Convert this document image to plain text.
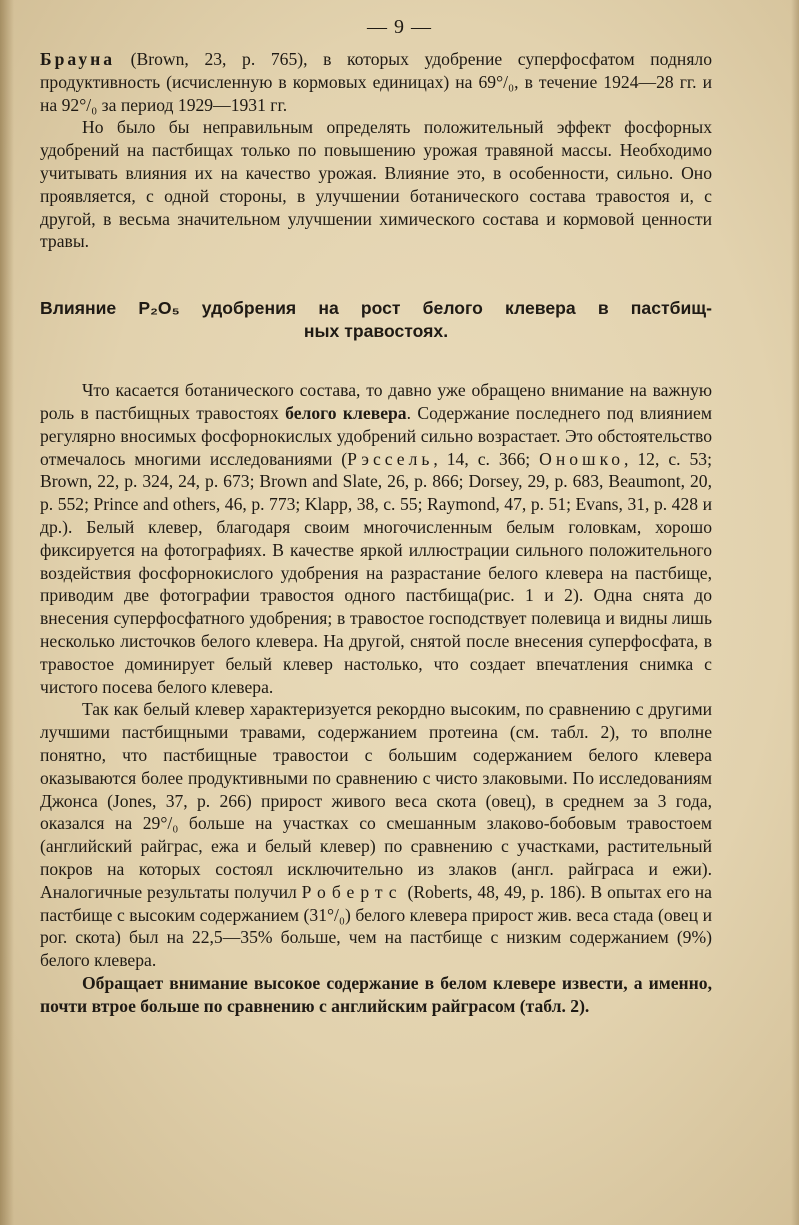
— 9 —

Брауна (Brown, 23, p. 765), в которых удобрение суперфосфатом подняло продуктивность (исчисленную в кормовых единицах) на 69°/₀, в течение 1924—28 гг. и на 92°/₀ за период 1929—1931 гг.

Но было бы неправильным определять положительный эффект фосфорных удобрений на пастбищах только по повышению урожая травяной массы. Необходимо учитывать влияния их на качество урожая. Влияние это, в особенности, сильно. Оно проявляется, с одной стороны, в улучшении ботанического состава травостоя и, с другой, в весьма значительном улучшении химического состава и кормовой ценности травы.

Влияние P₂O₅ удобрения на рост белого клевера в пастбищ-
ных травостоях.

Что касается ботанического состава, то давно уже обращено внимание на важную роль в пастбищных травостоях белого клевера. Содержание последнего под влиянием регулярно вносимых фосфорнокислых удобрений сильно возрастает. Это обстоятельство отмечалось многими исследованиями (Рэссель, 14, с. 366; Оношко, 12, с. 53; Brown, 22, p. 324, 24, p. 673; Brown and Slate, 26, p. 866; Dorsey, 29, p. 683, Beaumont, 20, p. 552; Prince and others, 46, p. 773; Klapp, 38, c. 55; Raymond, 47, p. 51; Evans, 31, p. 428 и др.). Белый клевер, благодаря своим многочисленным белым головкам, хорошо фиксируется на фотографиях. В качестве яркой иллюстрации сильного положительного воздействия фосфорнокислого удобрения на разрастание белого клевера на пастбище, приводим две фотографии травостоя одного пастбища(рис. 1 и 2). Одна снята до внесения суперфосфатного удобрения; в травостое господствует полевица и видны лишь несколько листочков белого клевера. На другой, снятой после внесения суперфосфата, в травостое доминирует белый клевер настолько, что создает впечатления снимка с чистого посева белого клевера.

Так как белый клевер характеризуется рекордно высоким, по сравнению с другими лучшими пастбищными травами, содержанием протеина (см. табл. 2), то вполне понятно, что пастбищные травостои с большим содержанием белого клевера оказываются более продуктивными по сравнению с чисто злаковыми. По исследованиям Джонса (Jones, 37, p. 266) прирост живого веса скота (овец), в среднем за 3 года, оказался на 29°/₀ больше на участках со смешанным злаково-бобовым травостоем (английский райграс, ежа и белый клевер) по сравнению с участками, растительный покров на которых состоял исключительно из злаков (англ. райграса и ежи). Аналогичные результаты получил Робертс (Roberts, 48, 49, p. 186). В опытах его на пастбище с высоким содержанием (31°/₀) белого клевера прирост жив. веса стада (овец и рог. скота) был на 22,5—35% больше, чем на пастбище с низким содержанием (9%) белого клевера.

Обращает внимание высокое содержание в белом клевере извести, а именно, почти втрое больше по сравнению с английским райграсом (табл. 2).
